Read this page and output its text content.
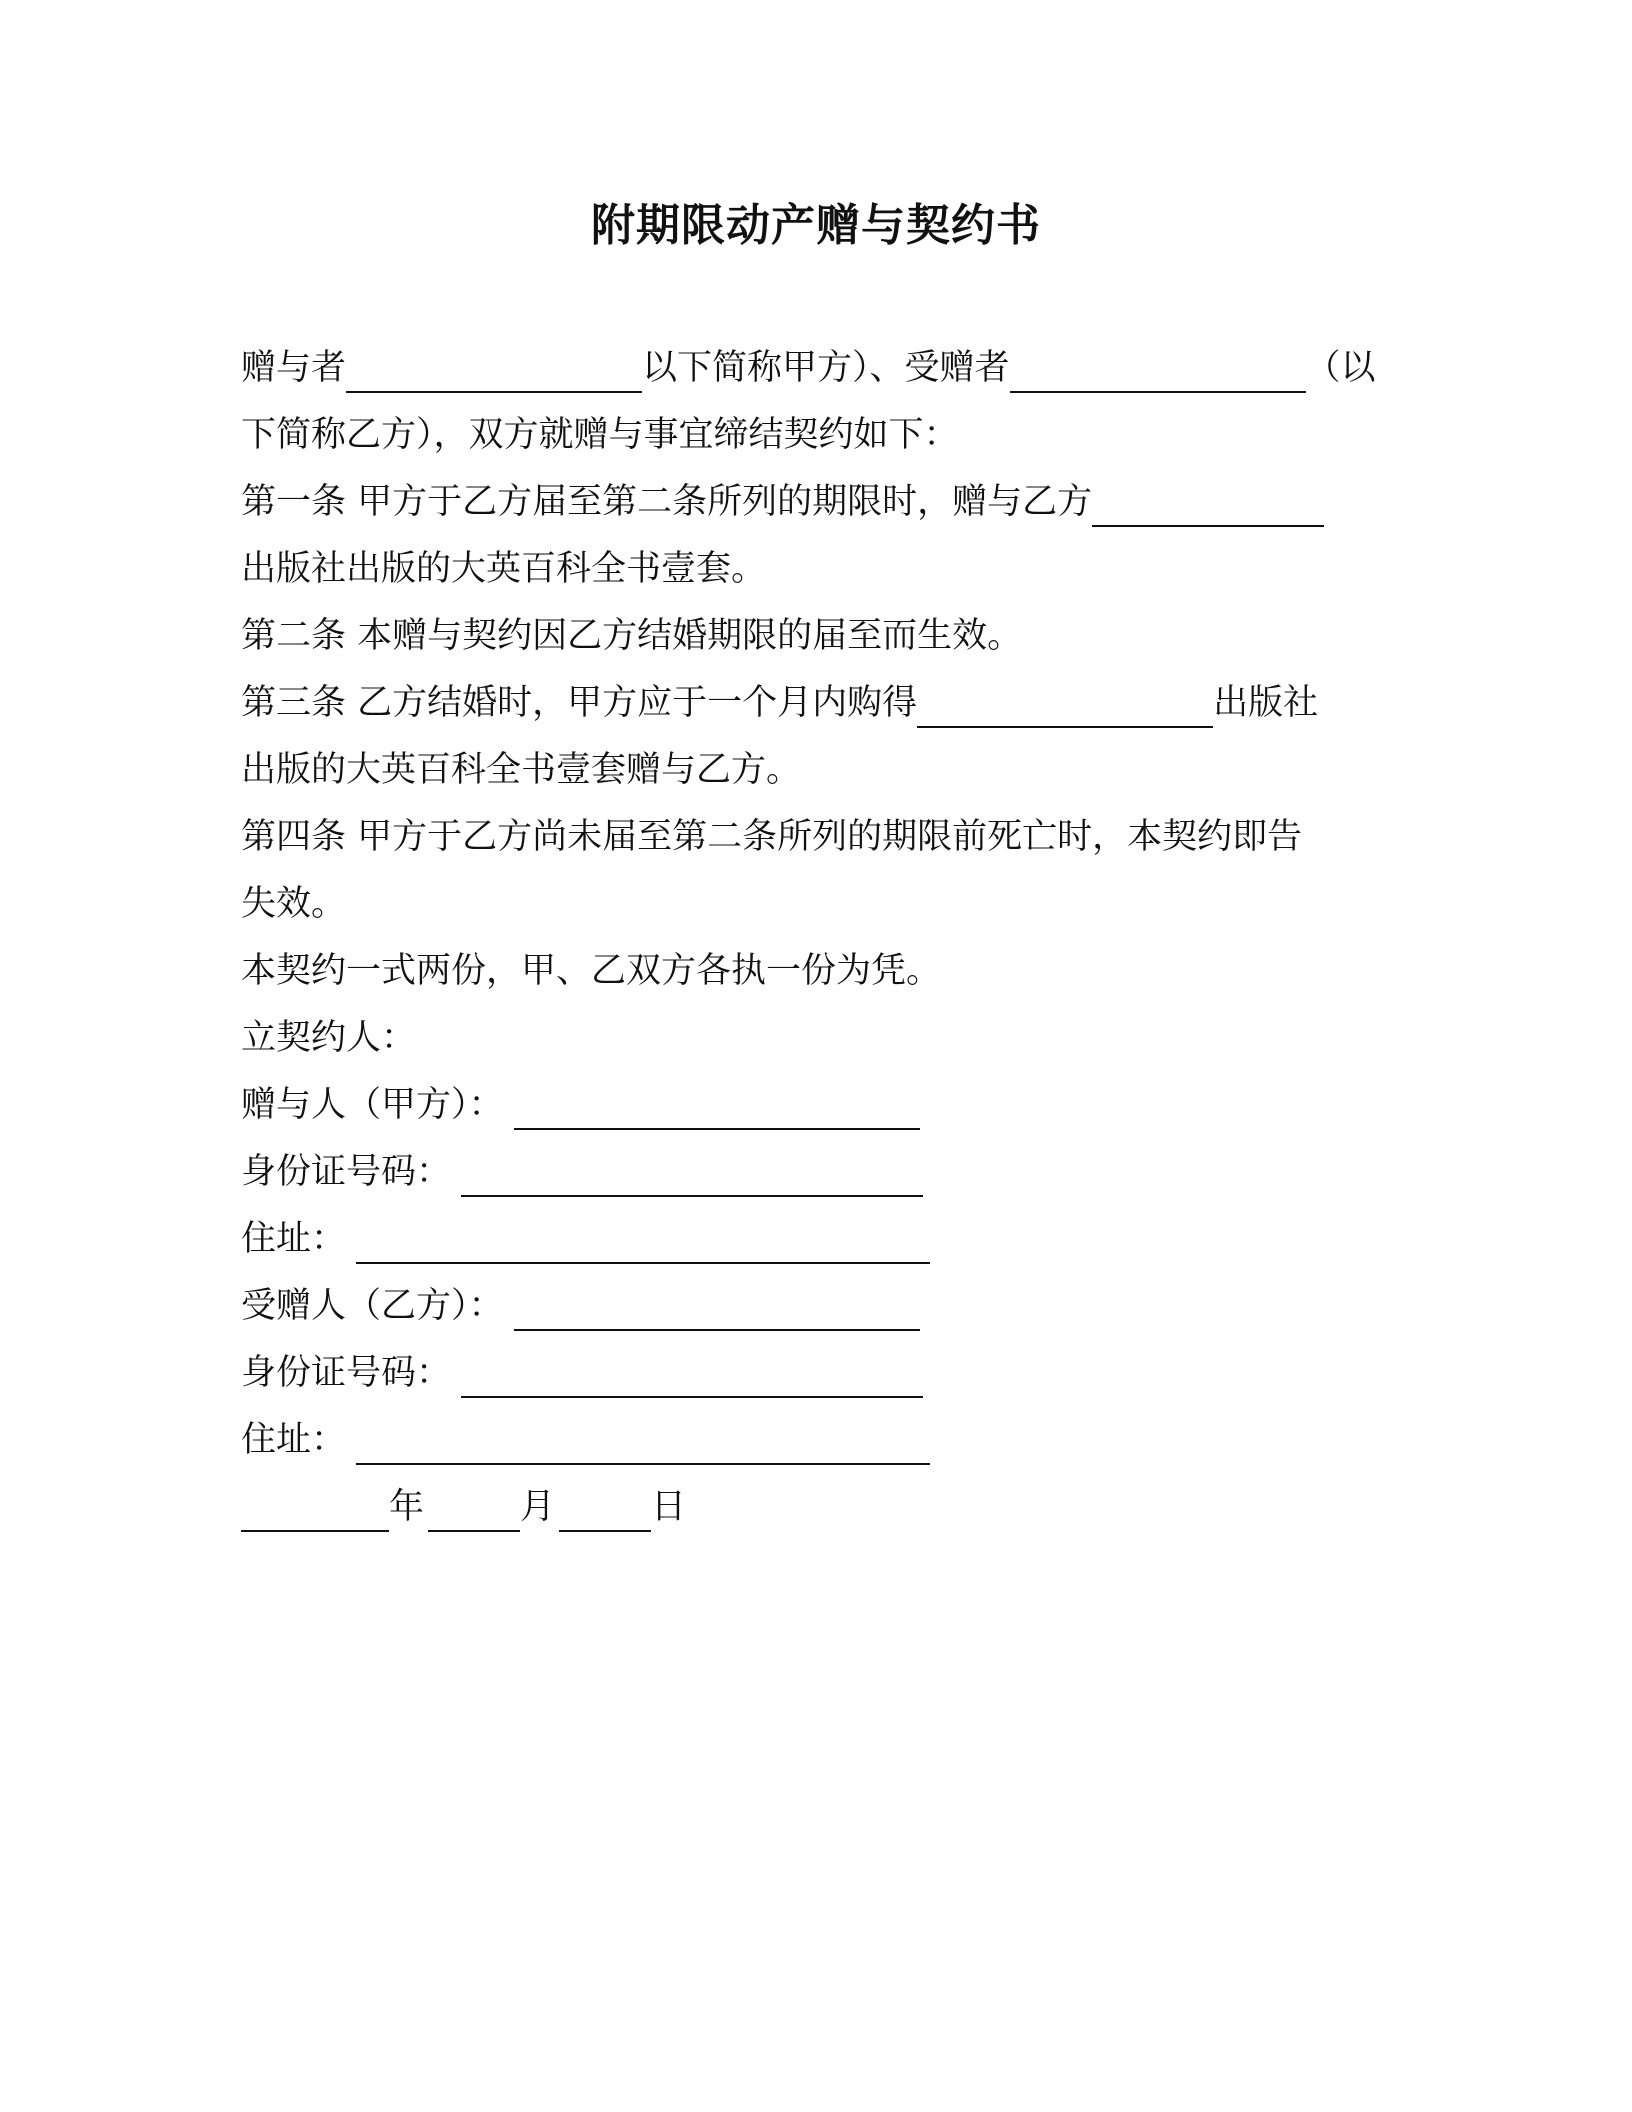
附期限动产赠与契约书
赠与者	以下简称甲方）、受赠者	（以
下简称乙方），双方就赠与事宜缔结契约如下：
第一条 甲方于乙方届至第二条所列的期限时，赠与乙方
出版社出版的大英百科全书壹套。
第二条 本赠与契约因乙方结婚期限的届至而生效。
第三条 乙方结婚时，甲方应于一个月内购得	出版社
出版的大英百科全书壹套赠与乙方。
第四条 甲方于乙方尚未届至第二条所列的期限前死亡时，本契约即告
失效。
本契约一式两份，甲、乙双方各执一份为凭。
立契约人：
赠与人（甲方）：
身份证号码：
住址：
受赠人（乙方）：
身份证号码：
住址：
年	月	日
